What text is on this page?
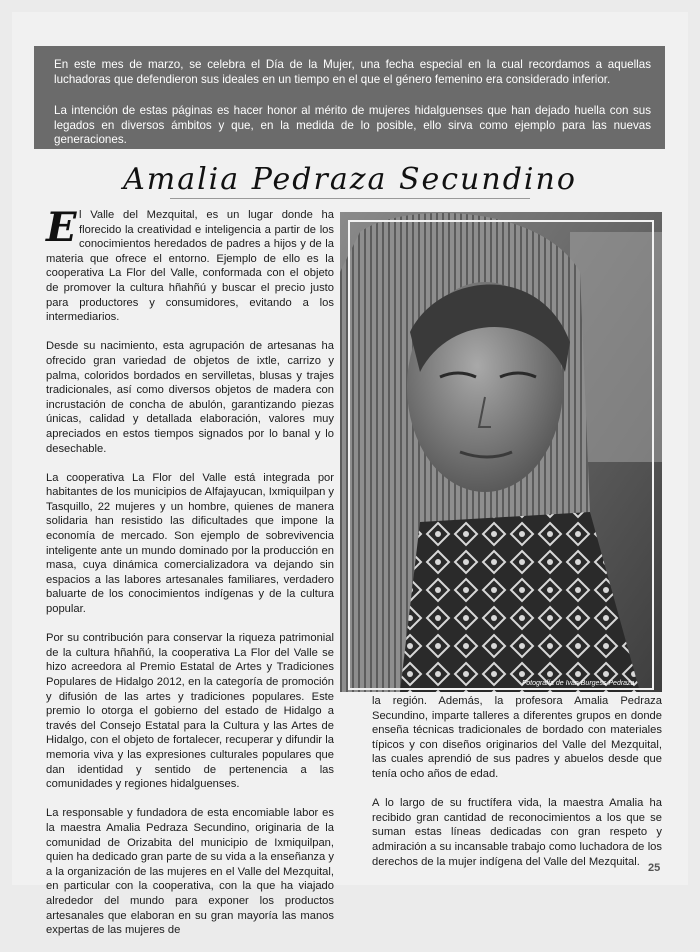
En este mes de marzo, se celebra el Día de la Mujer, una fecha especial en la cual recordamos a aquellas luchadoras que defendieron sus ideales en un tiempo en el que el género femenino era considerado inferior.

La intención de estas páginas es hacer honor al mérito de mujeres hidalguenses que han dejado huella con sus legados en diversos ámbitos y que, en la medida de lo posible, ello sirva como ejemplo para las nuevas generaciones.

Amalia Pedraza Secundino

El Valle del Mezquital, es un lugar donde ha florecido la creatividad e inteligencia a partir de los conocimientos heredados de padres a hijos y de la materia que ofrece el entorno. Ejemplo de ello es la cooperativa La Flor del Valle, conformada con el objeto de promover la cultura hñahñú y buscar el precio justo para productores y consumidores, evitando a los intermediarios.

Desde su nacimiento, esta agrupación de artesanas ha ofrecido gran variedad de objetos de ixtle, carrizo y palma, coloridos bordados en servilletas, blusas y trajes tradicionales, así como diversos objetos de madera con incrustación de concha de abulón, garantizando piezas únicas, calidad y detallada elaboración, valores muy apreciados en estos tiempos signados por lo banal y lo desechable.

La cooperativa La Flor del Valle está integrada por habitantes de los municipios de Alfajayucan, Ixmiquilpan y Tasquillo, 22 mujeres y un hombre, quienes de manera solidaria han resistido las dificultades que impone la economía de mercado. Son ejemplo de sobrevivencia inteligente ante un mundo dominado por la producción en masa, cuya dinámica comercializadora va dejando sin espacios a las labores artesanales familiares, verdadero baluarte de los conocimientos indígenas y de la cultura popular.

Por su contribución para conservar la riqueza patrimonial de la cultura hñahñú, la cooperativa La Flor del Valle se hizo acreedora al Premio Estatal de Artes y Tradiciones Populares de Hidalgo 2012, en la categoría de promoción y difusión de las artes y tradiciones populares. Este premio lo otorga el gobierno del estado de Hidalgo a través del Consejo Estatal para la Cultura y las Artes de Hidalgo, con el objeto de fortalecer, recuperar y difundir la memoria viva y las expresiones culturales populares que dan identidad y sentido de pertenencia a las comunidades y regiones hidalguenses.

La responsable y fundadora de esta encomiable labor es la maestra Amalia Pedraza Secundino, originaria de la comunidad de Orizabita del municipio de Ixmiquilpan, quien ha dedicado gran parte de su vida a la enseñanza y a la organización de las mujeres en el Valle del Mezquital, en particular con la cooperativa, con la que ha viajado alrededor del mundo para exponer los productos artesanales que elaboran en su gran mayoría las manos expertas de las mujeres de

Fotografía de Iván Burgess Pedraza

la región. Además, la profesora Amalia Pedraza Secundino, imparte talleres a diferentes grupos en donde enseña técnicas tradicionales de bordado con materiales típicos y con diseños originarios del Valle del Mezquital, las cuales aprendió de sus padres y abuelos desde que tenía ocho años de edad.

A lo largo de su fructífera vida, la maestra Amalia ha recibido gran cantidad de reconocimientos a los que se suman estas líneas dedicadas con gran respeto y admiración a su incansable trabajo como luchadora de los derechos de la mujer indígena del Valle del Mezquital.

25
